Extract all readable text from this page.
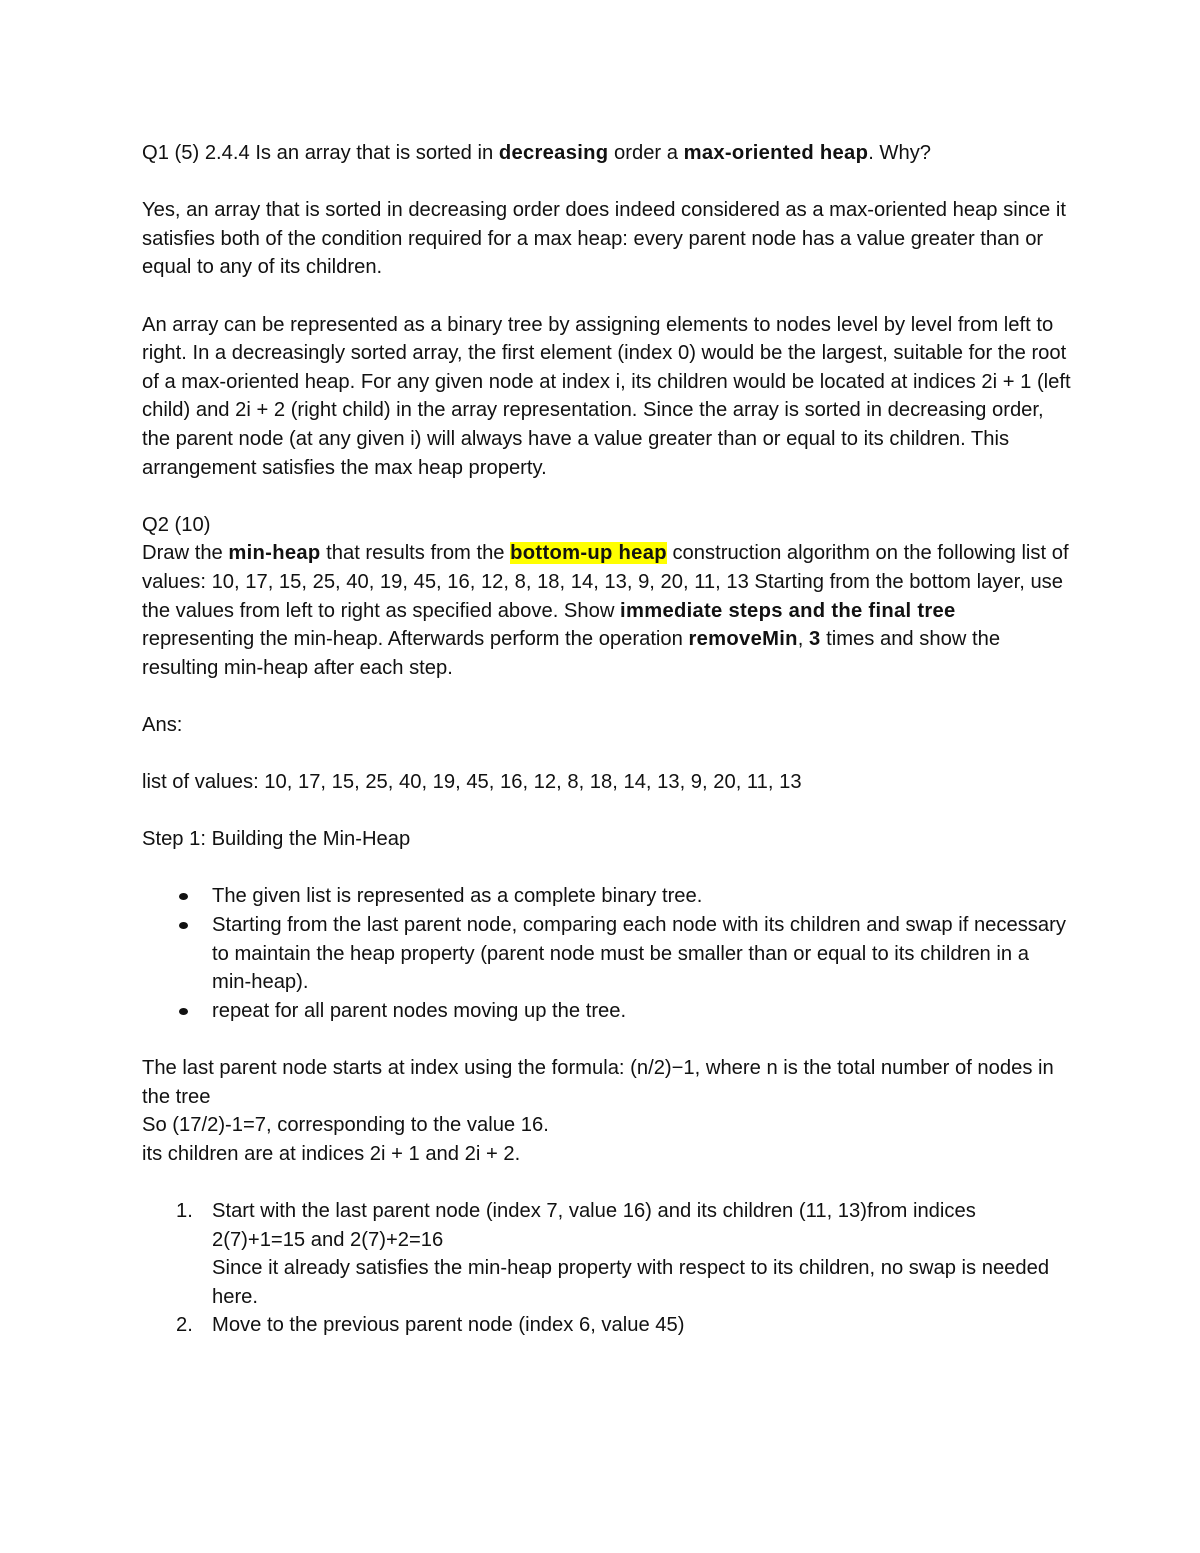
Q1 (5) 2.4.4 Is an array that is sorted in decreasing order a max-oriented heap. Why?

Yes, an array that is sorted in decreasing order does indeed considered as a max-oriented heap since it satisfies both of the condition required for a max heap: every parent node has a value greater than or equal to any of its children.

An array can be represented as a binary tree by assigning elements to nodes level by level from left to right. In a decreasingly sorted array, the first element (index 0) would be the largest, suitable for the root of a max-oriented heap. For any given node at index i, its children would be located at indices 2i + 1 (left child) and 2i + 2 (right child) in the array representation. Since the array is sorted in decreasing order, the parent node (at any given i) will always have a value greater than or equal to its children. This arrangement satisfies the max heap property.

Q2 (10)

Draw the min-heap that results from the bottom-up heap construction algorithm on the following list of values: 10, 17, 15, 25, 40, 19, 45, 16, 12, 8, 18, 14, 13, 9, 20, 11, 13 Starting from the bottom layer, use the values from left to right as specified above. Show immediate steps and the final tree representing the min-heap. Afterwards perform the operation removeMin, 3 times and show the resulting min-heap after each step.

Ans:

list of values: 10, 17, 15, 25, 40, 19, 45, 16, 12, 8, 18, 14, 13, 9, 20, 11, 13

Step 1: Building the Min-Heap

The given list is represented as a complete binary tree.
Starting from the last parent node, comparing each node with its children and swap if necessary to maintain the heap property (parent node must be smaller than or equal to its children in a min-heap).
repeat for all parent nodes moving up the tree.

The last parent node starts at index using the formula: (n/2)−1, where n is the total number of nodes in the tree

So (17/2)-1=7, corresponding to the value 16.

its children are at indices 2i + 1 and 2i + 2.

1. Start with the last parent node (index 7, value 16) and its children (11, 13)from indices 2(7)+1=15 and 2(7)+2=16
Since it already satisfies the min-heap property with respect to its children, no swap is needed here.
2. Move to the previous parent node (index 6, value 45)
